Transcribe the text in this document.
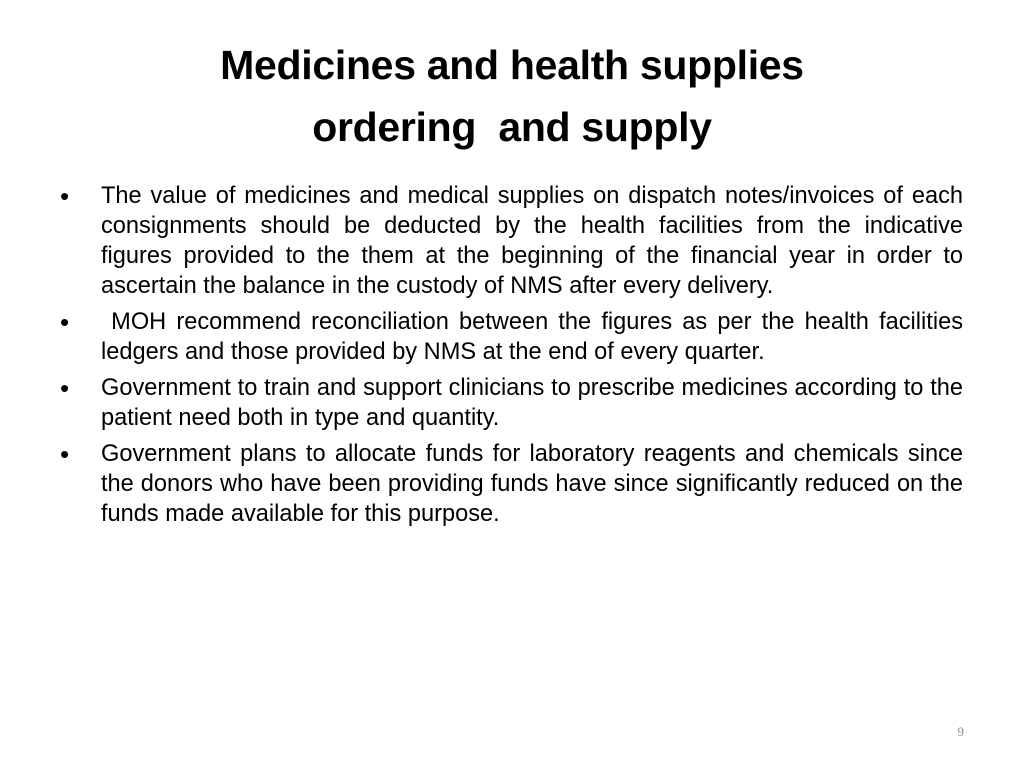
Medicines and health supplies
ordering  and supply
• The value of medicines and medical supplies on dispatch notes/invoices of each consignments should be deducted by the health facilities from the indicative figures provided to the them at the beginning of the financial year in order to ascertain the balance in the custody of NMS after every delivery.
• MOH recommend reconciliation between the figures as per the health facilities ledgers and those provided by NMS at the end of every quarter.
• Government to train and support clinicians to prescribe medicines according to the patient need both in type and quantity.
• Government plans to allocate funds for laboratory reagents and chemicals since the donors who have been providing funds have since significantly reduced on the funds made available for this purpose.
9
